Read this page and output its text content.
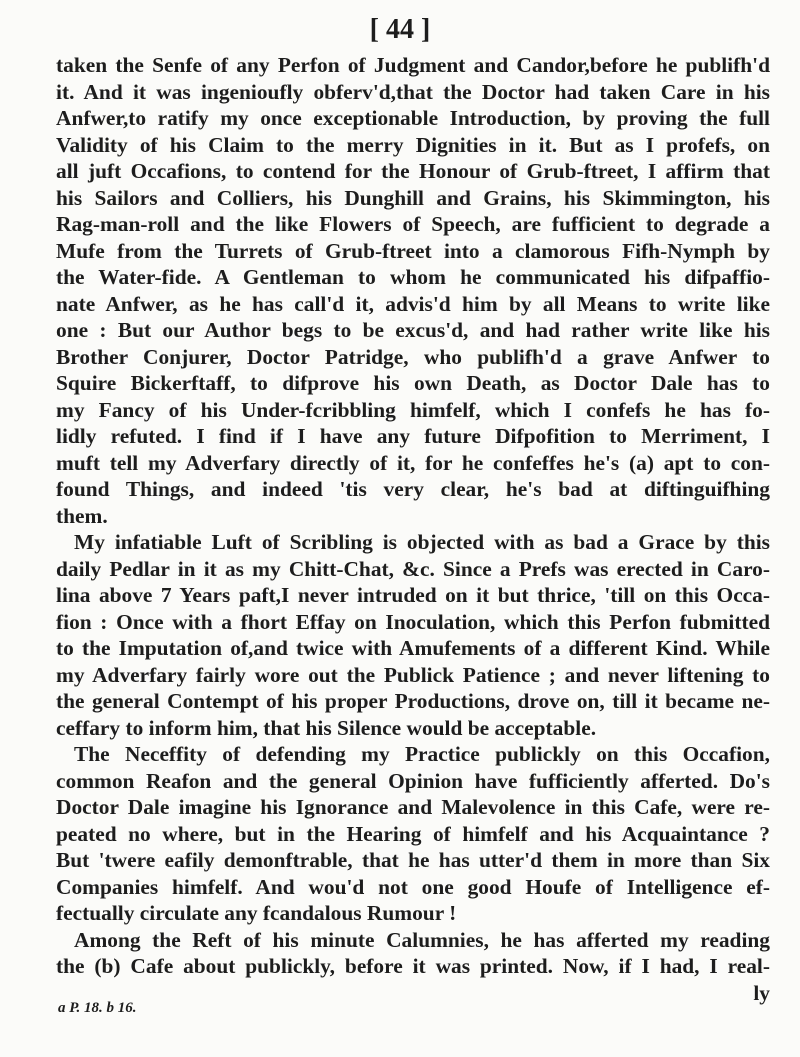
[ 44 ]
taken the Senfe of any Perfon of Judgment and Candor,before he publifh'd
it. And it was ingenioufly obferv'd,that the Doctor had taken Care in his
Anfwer,to ratify my once exceptionable Introduction, by proving the full
Validity of his Claim to the merry Dignities in it. But as I profefs, on
all juft Occafions, to contend for the Honour of Grub-ftreet, I affirm that
his Sailors and Colliers, his Dunghill and Grains, his Skimmington, his
Rag-man-roll and the like Flowers of Speech, are fufficient to degrade a
Mufe from the Turrets of Grub-ftreet into a clamorous Fifh-Nymph by
the Water-fide. A Gentleman to whom he communicated his difpaffio-
nate Anfwer, as he has call'd it, advis'd him by all Means to write like
one : But our Author begs to be excus'd, and had rather write like his
Brother Conjurer, Doctor Patridge, who publifh'd a grave Anfwer to
Squire Bickerftaff, to difprove his own Death, as Doctor Dale has to
my Fancy of his Under-fcribbling himfelf, which I confefs he has fo-
lidly refuted. I find if I have any future Difpofition to Merriment, I
muft tell my Adverfary directly of it, for he confeffes he's (a) apt to con-
found Things, and indeed 'tis very clear, he's bad at diftinguifhing
them.
My infatiable Luft of Scribling is objected with as bad a Grace by this
daily Pedlar in it as my Chitt-Chat, &c. Since a Prefs was erected in Caro-
lina above 7 Years paft,I never intruded on it but thrice, 'till on this Occa-
fion : Once with a fhort Effay on Inoculation, which this Perfon fubmitted
to the Imputation of,and twice with Amufements of a different Kind. While
my Adverfary fairly wore out the Publick Patience ; and never liftening to
the general Contempt of his proper Productions, drove on, till it became ne-
ceffary to inform him, that his Silence would be acceptable.
The Neceffity of defending my Practice publickly on this Occafion,
common Reafon and the general Opinion have fufficiently afferted. Do's
Doctor Dale imagine his Ignorance and Malevolence in this Cafe, were re-
peated no where, but in the Hearing of himfelf and his Acquaintance ?
But 'twere eafily demonftrable, that he has utter'd them in more than Six
Companies himfelf. And wou'd not one good Houfe of Intelligence ef-
fectually circulate any fcandalous Rumour !
Among the Reft of his minute Calumnies, he has afferted my reading
the (b) Cafe about publickly, before it was printed. Now, if I had, I real-
ly
a P. 18. b 16.
